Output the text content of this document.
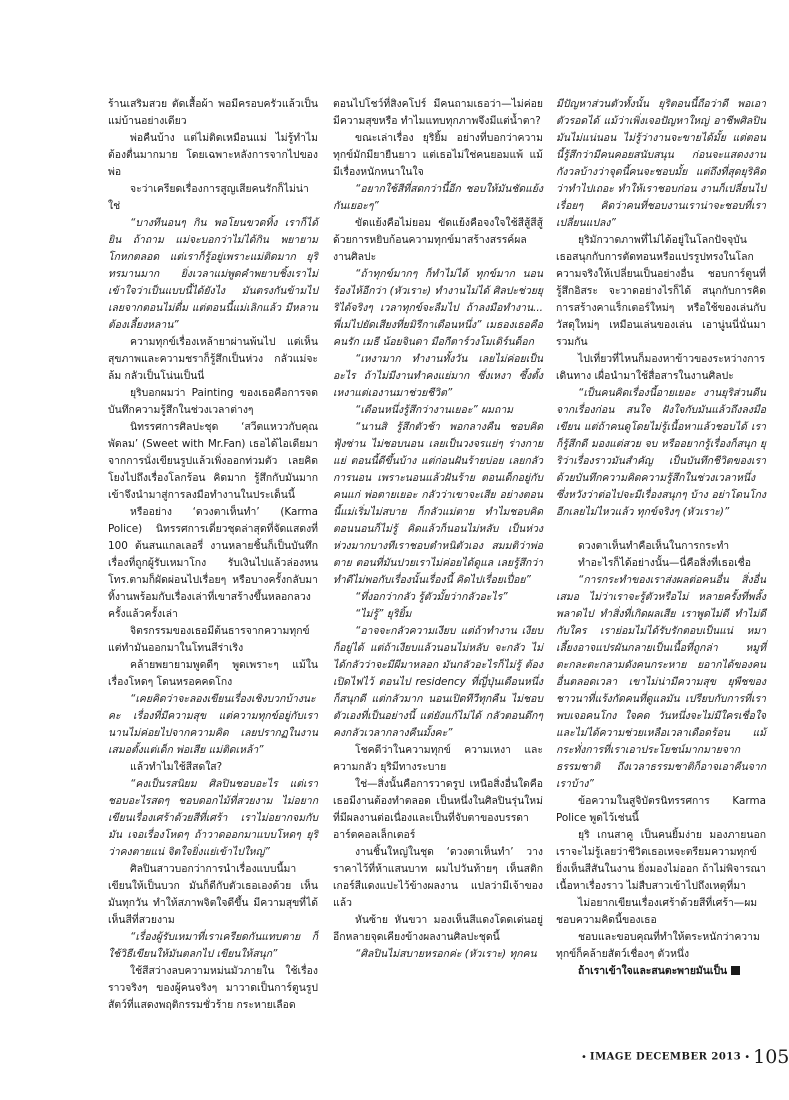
ร้านเสริมสวย ตัดเสื้อผ้า พอมีครอบครัวแล้วเป็นแม่บ้านอย่างเดียว

พ่อคืนบ้าง แต่ไม่ติดเหมือนแม่ ไม่รู้ทำไมต้องตื่นมากมาย โดยเฉพาะหลังการจากไปของพ่อ

จะว่าเครียดเรื่องการสูญเสียคนรักก็ไม่น่าใช่

“บางทีนอนๆ กิน พอโยนขวดทิ้ง เราก็ได้ยิน ถ้าถาม แม่จะบอกว่าไม่ได้กิน พยายามโกหกตลอด แต่เราก็รู้อยู่เพราะแม่ติดมาก ยุริทรมานมาก ยิ่งเวลาแม่พูดคำพยาบชิ้งเราไม่เข้าใจว่าเป็นแบบนี้ได้ยังไง มันตรงกันข้ามไปเลยจากตอนไม่ดื่ม แต่ตอนนี้แม่เลิกแล้ว มีหลาน ต้องเลี้ยงหลาน”

ความทุกข์เรื่องเหล้ายาผ่านพ้นไป แต่เห็นสุขภาพและความชราก็รู้สึกเป็นห่วง กลัวแม่จะล้ม กลัวเป็นโน่นเป็นนี่

ยุริบอกผมว่า Painting ของเธอคือการจดบันทึกความรู้สึกในช่วงเวลาต่างๆ

นิทรรศการศิลปะชุด ‘สวีตแหววกับคุณพัดลม’ (Sweet with Mr.Fan) เธอได้ไอเดียมาจากการนั่งเขียนรูปแล้วเพิ่งออกท่วมตัว เลยคิดโยงไปถึงเรื่องโลกร้อน คิดมาก รู้สึกกับมันมากเข้าจึงนำมาสู่การลงมือทำงานในประเด็นนี้

หรืออย่าง ‘ดวงตาเห็นทำ’ (Karma Police) นิทรรศการเดี่ยวชุดล่าสุดที่จัดแสดงที่ 100 ต้นสนแกลเลอรี่ งานหลายชิ้นก็เป็นบันทึกเรื่องที่ถูกผู้รับเหมาโกง รับเงินไปแล้วล่องหน โทร.ตามก็ผัดผ่อนไปเรื่อยๆ หรือบางครั้งกลับมาทิ้งานพร้อมกับเรื่องเล่าที่เขาสร้างขึ้นหลอกลวงครั้งแล้วครั้งเล่า

จิตรกรรมของเธอมีต้นธารจากความทุกข์ แต่ทำมันออกมาในโทนสีร่าเริง

คล้ายพยายามพูดดีๆ พูดเพราะๆ แม้ในเรื่องโหดๆ โดนหรอคคดโกง

“เคยคิดว่าจะลองเขียนเรื่องเชิงบวกบ้างนะคะ เรื่องที่มีความสุข แต่ความทุกข์อยู่กับเรานานไม่ค่อยไปจากความคิด เลยปรากฏในงานเสมอตั้งแต่เด็ก พ่อเสีย แม่ติดเหล้า”

แล้วทำไมใช้สีสดใส?

“คงเป็นรสนิยม ศิลปินชอบอะไร แต่เราชอบอะไรสดๆ ชอบดอกไม้ที่สวยงาม ไม่อยากเขียนเรื่องเศร้าด้วยสีที่เศร้า เราไม่อยากจมกับมัน เจอเรื่องโหดๆ ถ้าวาดออกมาแบบโหดๆ ยุริว่าคงตายแน่ จิตใจยิ่งแย่เข้าไปใหญ่”

ศิลปินสาวบอกว่าการนำเรื่องแบบนี้มาเขียนให้เป็นบวก มันก็ดีกับตัวเธอเองด้วย เห็นมันทุกวัน ทำให้สภาพจิตใจดีขึ้น มีความสุขที่ได้เห็นสีที่สวยงาม

“เรื่องผู้รับเหมาที่เราเครียดกันแทบตาย ก็ใช้วิธีเขียนให้มันตลกไป เขียนให้สนุก”

ใช้สีสว่างลบความหม่นมัวภายใน ใช้เรื่องราวจริงๆ ของผู้คนจริงๆ มาวาดเป็นการ์ตูนรูปสัตว์ที่แสดงพฤติกรรมชั่วร้าย กระหายเลือด

ตอนไปโชว์ที่สิงคโปร์ มีคนถามเธอว่า—ไม่ค่อยมีความสุขหรือ ทำไมแทบทุกภาพจึงมีแต่น้ำตา?

ขณะเล่าเรื่อง ยุริยิ้ม อย่างที่บอกว่าความทุกข์มักมียายืนยาว แต่เธอไม่ใช่คนยอมแพ้ แม้มีเรื่องหนักหนาในใจ

“อยากใช้สีที่สดกว่านี้อีก ชอบให้มันชัดแย้งกันเยอะๆ”

ขัดแย้งคือไม่ยอม ขัดแย้งคือจงใจใช้สีสู้สีสู้ด้วยการหยิบก้อนความทุกข์มาสร้างสรรค์ผลงานศิลปะ

“ถ้าทุกข์มากๆ ก็ทำไม่ได้ ทุกข์มาก นอนร้องไห้อีกว่า (หัวเราะ) ทำงานไม่ได้ ศิลปะช่วยยุริได้จริงๆ เวลาทุกข์จะลืมไป ถ้าลงมือทำงาน... พี่เม่ไปยัดเสียงที่ยมิรีกาเดือนหนึ่ง” เมธองเธอคือคนรัก เมธี น้อยจินดา มือกีตาร์วงโมเดิร์นด็อก

“เหงามาก ทำงานทั้งวัน เลยไม่ค่อยเป็นอะไร ถ้าไม่มีงานทำคงแย่มาก ซึ่งเหงา ซึ้งตั้ง เหงาแต่เองานมาช่วยชีวิต”

“เดือนหนึ่งรู้สึกว่างานเยอะ” ผมถาม

“นานสิ รู้สึกตัวช้า พอกลางคืน ชอบคิดฟุ้งซ่าน ไม่ชอบนอน เลยเป็นวงจรแย่ๆ ร่างกายแย่ ตอนนี้ดีขึ้นบ้าง แต่ก่อนฝันร้ายบ่อย เลยกลัวการนอน เพราะนอนแล้วฝันร้าย ตอนเด็กอยู่กับคนแก่ พ่อตายเยอะ กลัวว่าเขาจะเสีย อย่างตอนนี้แม่เริ่มไม่สบาย ก็กลัวแม่ตาย ทำไมชอบคิดตอนนอนก็ไม่รู้ คิดแล้วก็นอนไม่หลับ เป็นห่วง ห่วงมากบางทีเราชอบตำหนิตัวเอง สมมติว่าพ่อตาย ตอนที่มันปวยเราไม่ค่อยได้ดูแล เลยรู้สึกว่าทำดีไม่พอกับเรื่องนั้นเรื่องนี้ คิดไปเรื่อยเปื่อย”

“ทึ่งอกว่ากลัว รู้ตัวมั้ยว่ากลัวอะไร”

“ไม่รู้” ยุริยิ้ม

“อาจจะกลัวความเงียบ แต่ถ้าทำงาน เงียบก็อยู่ได้ แต่ถ้าเงียบแล้วนอนไม่หลับ จะกลัว ไม่ได้กลัวว่าจะมีผีมาหลอก มันกลัวอะไรก็ไม่รู้ ต้องเปิดไฟไว้ ตอนไป residency ที่ญี่ปุ่นเดือนหนึ่งก็สนุกดี แต่กลัวมาก นอนเปิดทีวีทุกคืน ไม่ชอบตัวเองที่เป็นอย่างนี้ แต่ยังแก้ไม่ได้ กลัวตอนดึกๆ คงกลัวเวลากลางคืนมั้งคะ”

โชคดีว่าในความทุกข์ ความเหงา และความกลัว ยุริมีทางระบาย

ใช่—สิ่งนั้นคือการวาดรูป เหนือสิ่งอื่นใดคือเธอมีงานต้องทำตลอด เป็นหนึ่งในศิลปินรุ่นใหม่ที่มีผลงานต่อเนื่องและเป็นที่จับตาของบรรดาอาร์ตคอลเล็กเตอร์

งานชิ้นใหญ่ในชุด ‘ดวงตาเห็นทำ’ วางราคาไว้ที่ห้าแสนบาท ผมไปวันท้ายๆ เห็นสติกเกอร์สีแดงแปะไว้ข้างผลงาน แปลว่ามีเจ้าของแล้ว

หันซ้าย หันขวา มองเห็นสีแดงโดดเด่นอยู่อีกหลายจุดเคียงข้างผลงานศิลปะชุดนี้

“ศิลปินไม่สบายหรอกค่ะ (หัวเราะ) ทุกคน

มีปัญหาส่วนตัวทั้งนั้น ยุริตอนนี้ถือว่าดี พอเอาตัวรอดได้ แม้ว่าเพิ่งเจอปัญหาใหญ่ อาชีพศิลปินมันไม่แน่นอน ไม่รู้ว่างานจะขายได้มั้ย แต่ตอนนี้รู้สึกว่ามีคนคอยสนับสนุน ก่อนจะแสดงงานกังวลบ้างว่าจุดนี้คนจะชอบมั้ย แต่ถึงที่สุดยุริคิดว่าทำไปเถอะ ทำให้เราชอบก่อน งานก็เปลี่ยนไปเรื่อยๆ คิดว่าคนที่ชอบงานเราน่าจะชอบที่เราเปลี่ยนแปลง”

ยุริมักวาดภาพที่ไม่ได้อยู่ในโลกปัจจุบัน เธอสนุกกับการตัดทอนหรือแปรรูปทรงในโลกความจริงให้เปลี่ยนเป็นอย่างอื่น ชอบการ์ตูนที่รู้สึกอิสระ จะวาดอย่างไรก็ได้ สนุกกับการคิด การสร้างคาแร็กเตอร์ใหม่ๆ หรือใช้ของเล่นกับวัสดุใหม่ๆ เหมือนเล่นของเล่น เอานู่นนี่นั่นมารวมกัน

ไปเที่ยวที่ไหนก็มองหาข้าวของระหว่างการเดินทาง เผื่อนำมาใช้สื่อสารในงานศิลปะ

“เป็นคนคิดเรื่องนี้อายเยอะ งานยุริส่วนดีนจากเรื่องก่อน สนใจ ฝังใจกับมันแล้วถึงลงมือเขียน แต่ถ้าคนดูโดยไม่รู้เนื้อหาแล้วชอบได้ เราก็รู้สึกดี มองแต่สวย จบ หรืออยากรู้เรื่องก็สนุก ยุริว่าเรื่องราวมันสำคัญ เป็นบันทึกชีวิตของเราด้วยบันทึกความคิดความรู้สึกในช่วงเวลาหนึ่งซึ่งหวังว่าต่อไปจะมีเรื่องสนุกๆ บ้าง อย่าโดนโกงอีกเลยไม่ไหวแล้ว ทุกข์จริงๆ (หัวเราะ)”

ดวงตาเห็นทำคือเห็นในการกระทำ

ทำอะไรก็ได้อย่างนั้น—นี่คือสิ่งที่เธอเชื่อ

“การกระทำของเราส่งผลต่อคนอื่น สิ่งอื่นเสมอ ไม่ว่าเราจะรู้ตัวหรือไม่ หลายครั้งที่พลั้งพลาดไป ทำสิ่งที่เกิดผลเสีย เราพูดไม่ดี ทำไม่ดีกับใคร เราย่อมไม่ได้รับรักตอบเป็นแน่ หมาเลี้ยงอาจแปรผันกลายเป็นเนื้อที่ถูกล่า หมูที่ตะกละตะกลามดังคนกระหาย ยอากได้ของคนอื่นตลอดเวลา เขาไม่น่ามีความสุข ยุพืชของชาวนาที่แร้งกัดคนที่ดูแลมัน เปรียบกับการที่เราพบเจอคนโกง ใจคด วันหนึ่งจะไม่มีใครเชื่อใจ และไม่ได้ความช่วยเหลือเวลาเดือดร้อน แม้กระทั่งการที่เราเอาประโยชน์มากมายจากธรรมชาติ ถึงเวลาธรรมชาติก็อาจเอาคืนจากเราบ้าง”

ข้อความในสูจิบัตรนิทรรศการ Karma Police พูดไว้เช่นนี้

ยุริ เกนสาคู เป็นคนยิ้มง่าย มองภายนอกเราจะไม่รู้เลยว่าชีวิตเธอเหจะตรียมความทุกข์ยิ่งเห็นสีสันในงาน ยิ่งมองไม่ออก ถ้าไม่พิจารณาเนื้อหาเรื่องราว ไม่สืบสาวเข้าไปถึงเหตุที่มา

ไม่อยากเขียนเรื่องเศร้าด้วยสีที่เศร้า—ผมชอบความคิดนี้ของเธอ

ชอบและขอบคุณที่ทำให้ตระหนักว่าความทุกข์ก็คล้ายสัตว์เชื่องๆ ตัวหนึ่ง

ถ้าเราเข้าใจและสนตะพายมันเป็น

• IMAGE DECEMBER 2013 • 105
